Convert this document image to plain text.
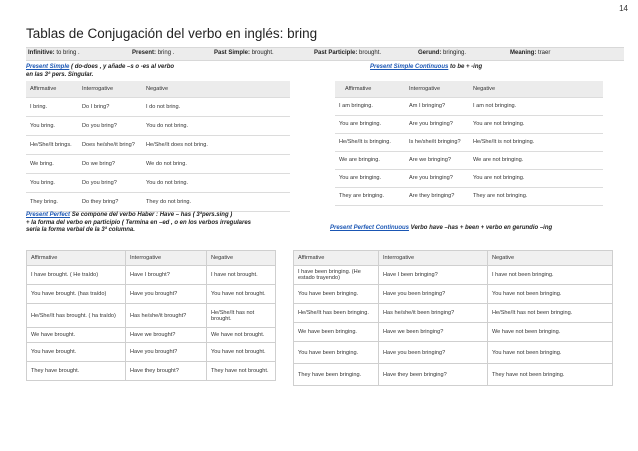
14
Tablas de Conjugación del verbo en inglés: bring
Infinitive: to bring .	Present: bring .	Past Simple: brought.	Past Participle: brought.	Gerund: bringing.	Meaning: traer
Present Simple ( do-does , y añade –s o -es al verbo
en las 3ª pers. Singular.
Present Simple Continuous to be + -ing
Affirmative	Interrogative	Negative
I bring.	Do I bring?	I do not bring.
You bring.	Do you bring?	You do not bring.
He/She/It brings.	Does he/she/it bring?	He/She/It does not bring.
We bring.	Do we bring?	We do not bring.
You bring.	Do you bring?	You do not bring.
They bring.	Do they bring?	They do not bring.
Affirmative	Interrogative	Negative
I am bringing.	Am I bringing?	I am not bringing.
You are bringing.	Are you bringing?	You are not bringing.
He/She/It is bringing.	Is he/she/it bringing?	He/She/It is not bringing.
We are bringing.	Are we bringing?	We are not bringing.
You are bringing.	Are you bringing?	You are not bringing.
They are bringing.	Are they bringing?	They are not bringing.
Present Perfect Se compone del verbo Haber : Have – has ( 3ªpers.sing )
+ la forma del verbo en participio ( Termina en –ed , o en los verbos irregulares
sería la forma verbal de la 3ª columna.	Present Perfect Continuous Verbo have –has + been + verbo en gerundio –ing
Affirmative	Interrogative	Negative
I have brought. ( He traído)	Have I brought?	I have not brought.
You have brought. (has traído)	Have you brought?	You have not brought.
He/She/It has brought. ( ha traído)	Has he/she/it brought?	He/She/It has not brought.
We have brought.	Have we brought?	We have not brought.
You have brought.	Have you brought?	You have not brought.
They have brought.	Have they brought?	They have not brought.
Affirmative	Interrogative	Negative
I have been bringing. (He estado trayendo)	Have I been bringing?	I have not been bringing.
You have been bringing.	Have you been bringing?	You have not been bringing.
He/She/It has been bringing.	Has he/she/it been bringing?	He/She/It has not been bringing.
We have been bringing.	Have we been bringing?	We have not been bringing.
You have been bringing.	Have you been bringing?	You have not been bringing.
They have been bringing.	Have they been bringing?	They have not been bringing.
